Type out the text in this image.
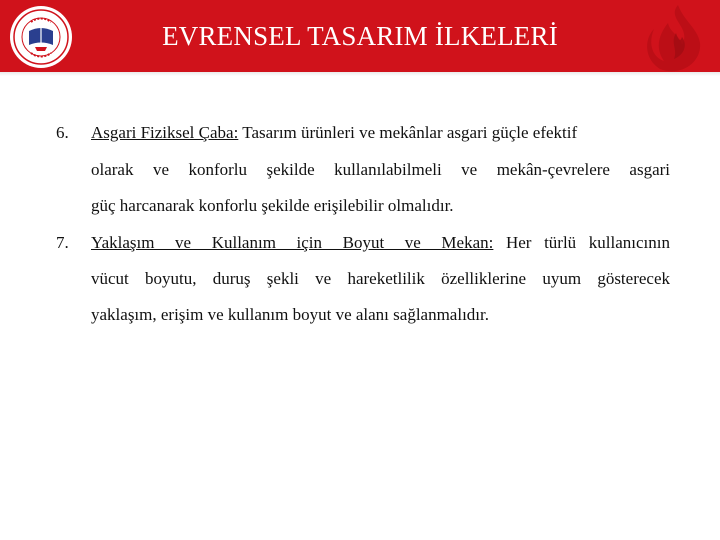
EVRENSEL TASARIM İLKELERİ
6. Asgari Fiziksel Çaba: Tasarım ürünleri ve mekânlar asgari güçle efektif
olarak ve konforlu şekilde kullanılabilmeli ve mekân-çevrelere asgari
güç harcanarak konforlu şekilde erişilebilir olmalıdır.
7. Yaklaşım ve Kullanım için Boyut ve Mekan: Her türlü kullanıcının
vücut boyutu, duruş şekli ve hareketlilik özelliklerine uyum gösterecek
yaklaşım, erişim ve kullanım boyut ve alanı sağlanmalıdır.
